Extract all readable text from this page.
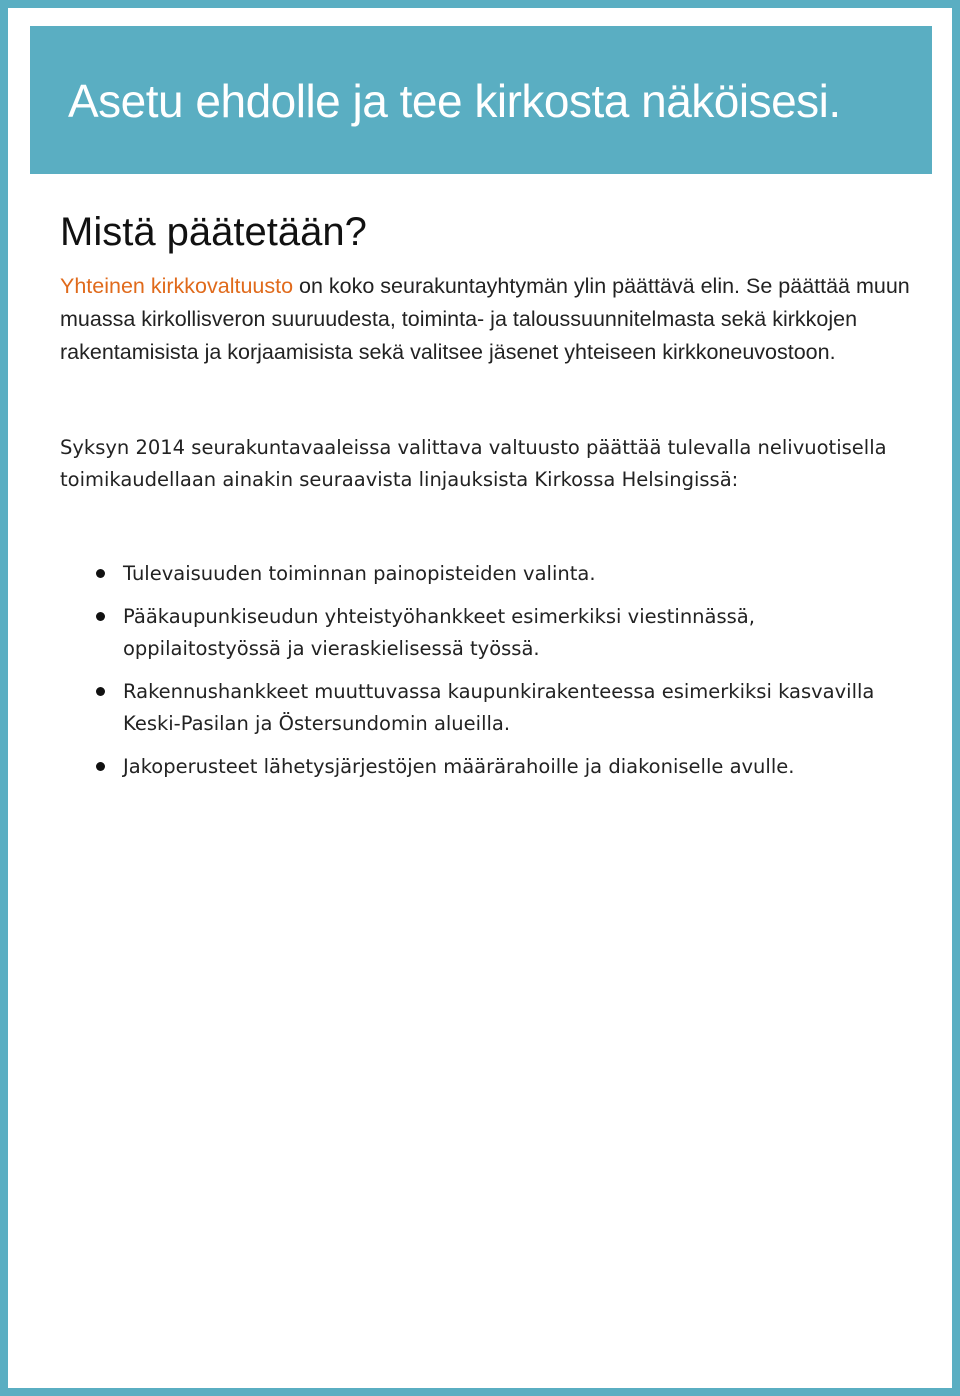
Asetu ehdolle ja tee kirkosta näköisesi.
Mistä päätetään?

Yhteinen kirkkovaltuusto on koko seurakuntayhtymän ylin päättävä elin. Se päättää muun muassa kirkollisveron suuruudesta, toiminta- ja taloussuunnitelmasta sekä kirkkojen rakentamisista ja korjaamisista sekä valitsee jäsenet yhteiseen kirkkoneuvostoon.

Syksyn 2014 seurakuntavaaleissa valittava valtuusto päättää tulevalla nelivuotisella toimikaudellaan ainakin seuraavista linjauksista Kirkossa Helsingissä:

Tulevaisuuden toiminnan painopisteiden valinta.
Pääkaupunkiseudun yhteistyöhankkeet esimerkiksi viestinnässä, oppilaitostyössä ja vieraskielisessä työssä.
Rakennushankkeet muuttuvassa kaupunkirakenteessa esimerkiksi kasvavilla Keski-Pasilan ja Östersundomin alueilla.
Jakoperusteet lähetysjärjestöjen määrärahoille ja diakoniselle avulle.
